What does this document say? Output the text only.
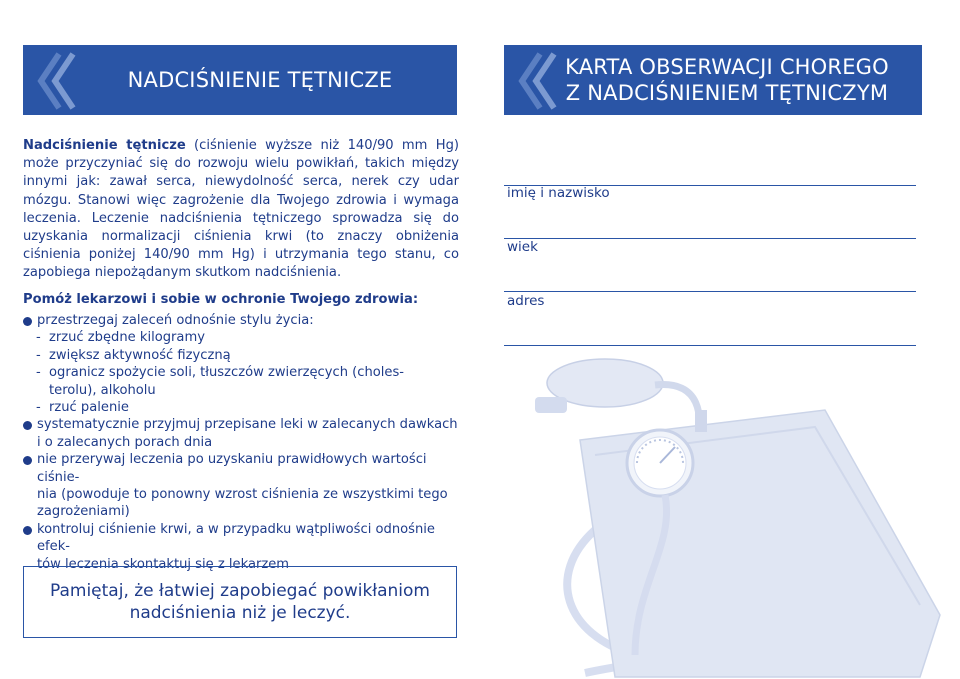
NADCIŚNIENIE TĘTNICZE
KARTA OBSERWACJI CHOREGO
Z NADCIŚNIENIEM TĘTNICZYM
Nadciśnienie tętnicze (ciśnienie wyższe niż 140/90 mm Hg) może przyczyniać się do rozwoju wielu powikłań, takich między innymi jak: zawał serca, niewydolność serca, nerek czy udar mózgu. Stanowi więc zagrożenie dla Twojego zdrowia i wymaga leczenia. Leczenie nadciśnienia tętniczego sprowadza się do uzyskania normalizacji ciśnienia krwi (to znaczy obniżenia ciśnienia poniżej 140/90 mm Hg) i utrzymania tego stanu, co zapobiega niepożądanym skutkom nadciśnienia.
Pomóż lekarzowi i sobie w ochronie Twojego zdrowia:
przestrzegaj zaleceń odnośnie stylu życia:
- zrzuć zbędne kilogramy
- zwiększ aktywność fizyczną
- ogranicz spożycie soli, tłuszczów zwierzęcych (choles-
terolu), alkoholu
- rzuć palenie
systematycznie przyjmuj przepisane leki w zalecanych dawkach
i o zalecanych porach dnia
nie przerywaj leczenia po uzyskaniu prawidłowych wartości ciśnie-
nia (powoduje to ponowny wzrost ciśnienia ze wszystkimi tego
zagrożeniami)
kontroluj ciśnienie krwi, a w przypadku wątpliwości odnośnie efek-
tów leczenia skontaktuj się z lekarzem
Pamiętaj, że łatwiej zapobiegać powikłaniom
nadciśnienia niż je leczyć.
imię i nazwisko
wiek
adres
